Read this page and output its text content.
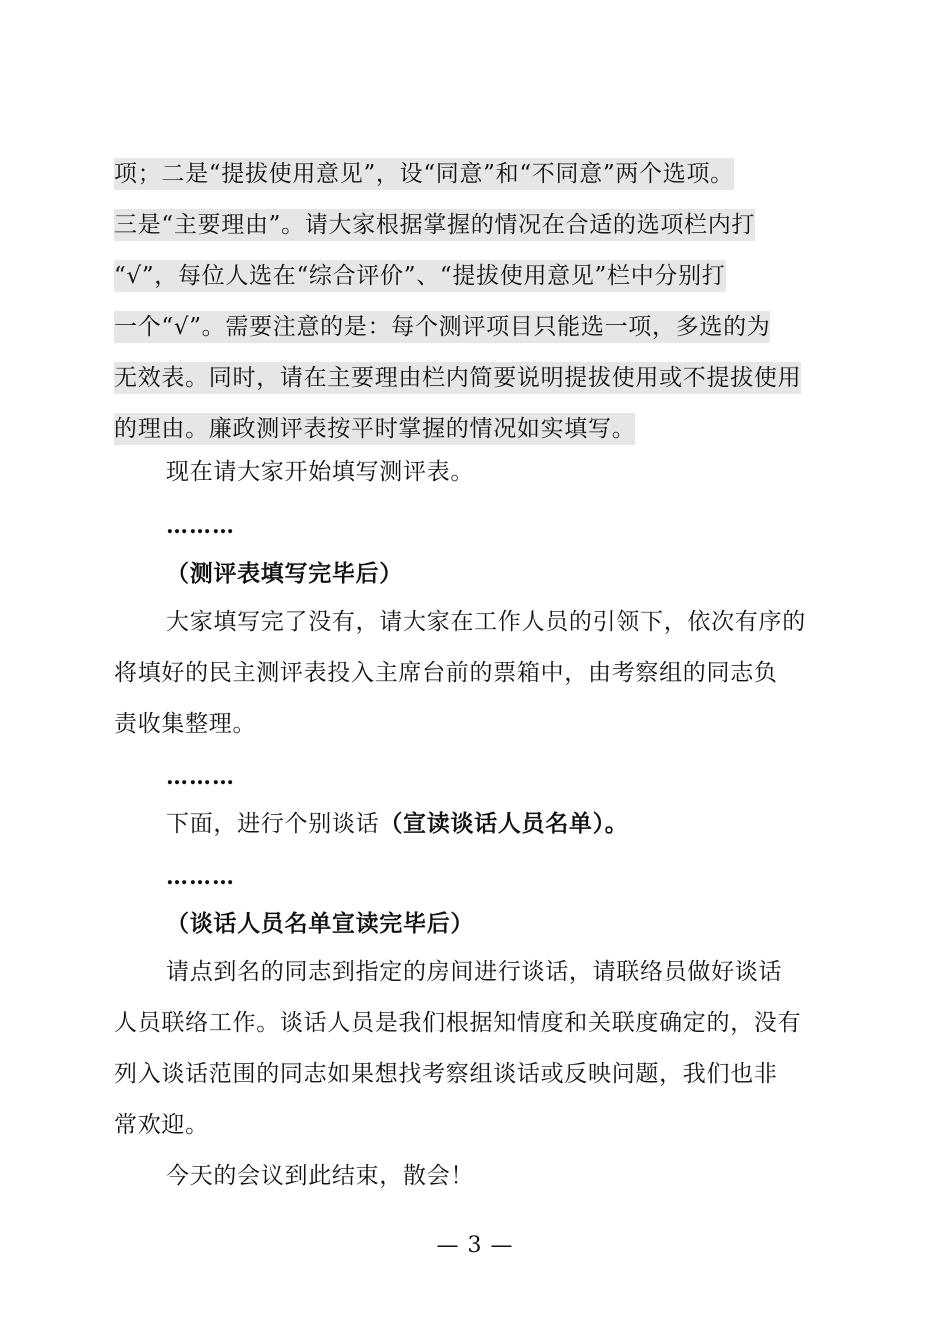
项；二是“提拔使用意见”，设“同意”和“不同意”两个选项。
三是“主要理由”。请大家根据掌握的情况在合适的选项栏内打
“√”，每位人选在“综合评价”、“提拔使用意见”栏中分别打
一个“√”。需要注意的是：每个测评项目只能选一项，多选的为
无效表。同时，请在主要理由栏内简要说明提拔使用或不提拔使用
的理由。廉政测评表按平时掌握的情况如实填写。
现在请大家开始填写测评表。
………
（测评表填写完毕后）
大家填写完了没有，请大家在工作人员的引领下，依次有序的
将填好的民主测评表投入主席台前的票箱中，由考察组的同志负
责收集整理。
………
下面，进行个别谈话（宣读谈话人员名单）。
………
（谈话人员名单宣读完毕后）
请点到名的同志到指定的房间进行谈话，请联络员做好谈话
人员联络工作。谈话人员是我们根据知情度和关联度确定的，没有
列入谈话范围的同志如果想找考察组谈话或反映问题，我们也非
常欢迎。
今天的会议到此结束，散会！
— 3 —
